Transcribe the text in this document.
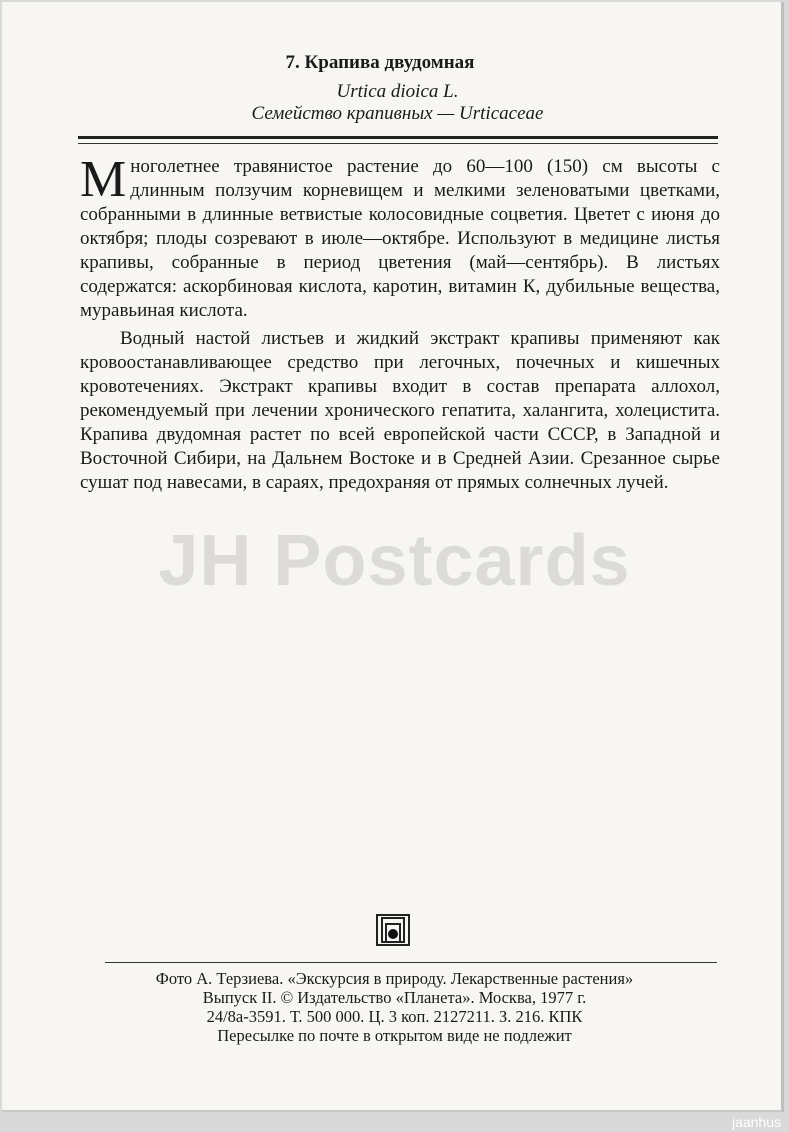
7. Крапива двудомная
Urtica dioica L.
Семейство крапивных — Urticaceae

Многолетнее травянистое растение до 60—100 (150) см высоты с длинным ползучим корневищем и мелкими зеленоватыми цветками, собранными в длинные ветвистые колосовидные соцветия. Цветет с июня до октября; плоды созревают в июле—октябре. Используют в медицине листья крапивы, собранные в период цветения (май—сентябрь). В листьях содержатся: аскорбиновая кислота, каротин, витамин К, дубильные вещества, муравьиная кислота.

Водный настой листьев и жидкий экстракт крапивы применяют как кровоостанавливающее средство при легочных, почечных и кишечных кровотечениях. Экстракт крапивы входит в состав препарата аллохол, рекомендуемый при лечении хронического гепатита, халангита, холецистита. Крапива двудомная растет по всей европейской части СССР, в Западной и Восточной Сибири, на Дальнем Востоке и в Средней Азии. Срезанное сырье сушат под навесами, в сараях, предохраняя от прямых солнечных лучей.

JH Postcards
Фото А. Терзиева. «Экскурсия в природу. Лекарственные растения»
Выпуск II. © Издательство «Планета». Москва, 1977 г.
24/8а-3591. Т. 500 000. Ц. 3 коп. 2127211. З. 216. КПК
Пересылке по почте в открытом виде не подлежит
jaanhus
